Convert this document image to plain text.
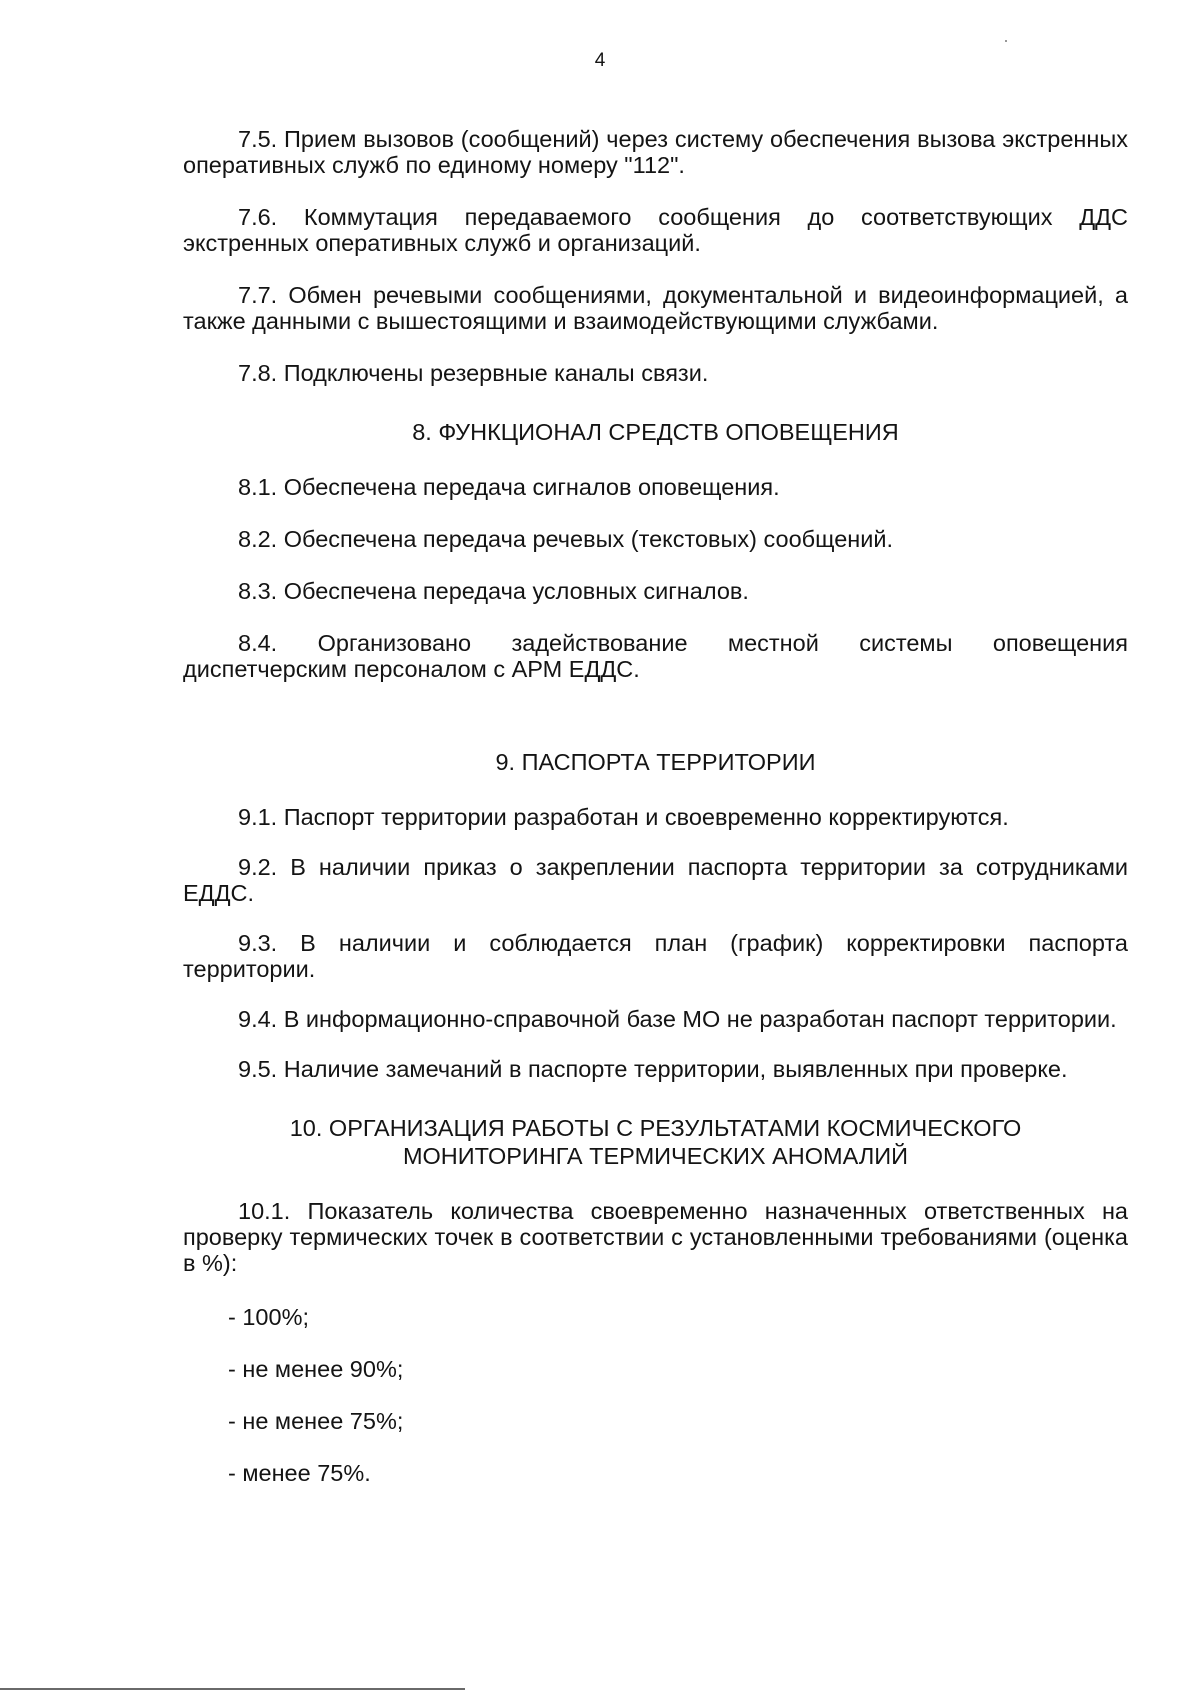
4

7.5. Прием вызовов (сообщений) через систему обеспечения вызова экстренных оперативных служб по единому номеру "112".

7.6. Коммутация передаваемого сообщения до соответствующих ДДС экстренных оперативных служб и организаций.

7.7. Обмен речевыми сообщениями, документальной и видеоинформацией, а также данными с вышестоящими и взаимодействующими службами.

7.8. Подключены резервные каналы связи.

8. ФУНКЦИОНАЛ СРЕДСТВ ОПОВЕЩЕНИЯ

8.1. Обеспечена передача сигналов оповещения.

8.2. Обеспечена передача речевых (текстовых) сообщений.

8.3. Обеспечена передача условных сигналов.

8.4. Организовано задействование местной системы оповещения диспетчерским персоналом с АРМ ЕДДС.

9. ПАСПОРТА ТЕРРИТОРИИ

9.1. Паспорт территории разработан и своевременно корректируются.

9.2. В наличии приказ о закреплении паспорта территории за сотрудниками ЕДДС.

9.3. В наличии и соблюдается план (график) корректировки паспорта территории.

9.4. В информационно-справочной базе МО не разработан паспорт территории.

9.5. Наличие замечаний в паспорте территории, выявленных при проверке.

10. ОРГАНИЗАЦИЯ РАБОТЫ С РЕЗУЛЬТАТАМИ КОСМИЧЕСКОГО
МОНИТОРИНГА ТЕРМИЧЕСКИХ АНОМАЛИЙ

10.1. Показатель количества своевременно назначенных ответственных на проверку термических точек в соответствии с установленными требованиями (оценка в %):

- 100%;

- не менее 90%;

- не менее 75%;

- менее 75%.
